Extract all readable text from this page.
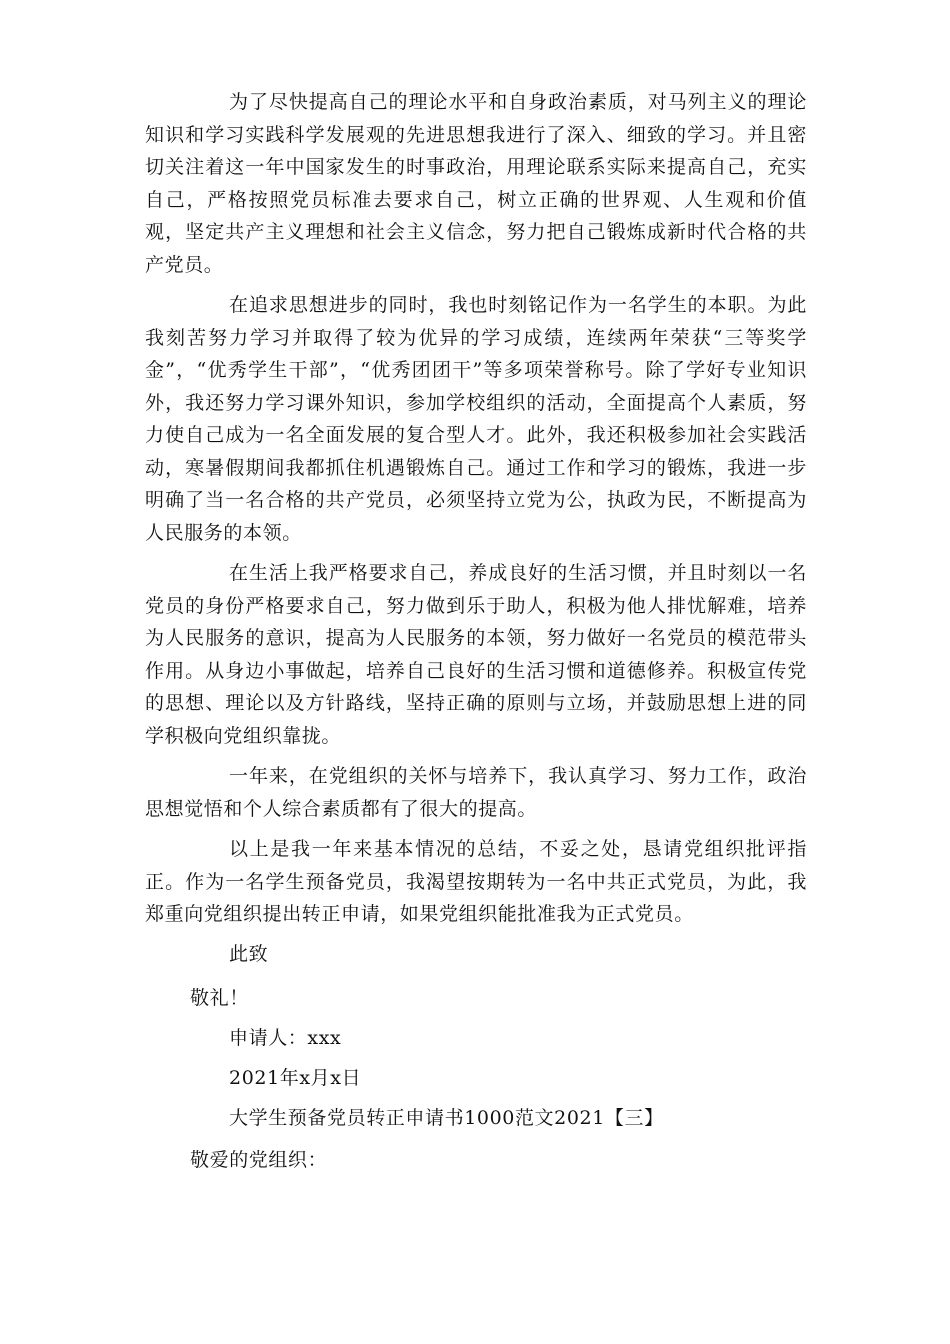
为了尽快提高自己的理论水平和自身政治素质，对马列主义的理论知识和学习实践科学发展观的先进思想我进行了深入、细致的学习。并且密切关注着这一年中国家发生的时事政治，用理论联系实际来提高自己，充实自己，严格按照党员标准去要求自己，树立正确的世界观、人生观和价值观，坚定共产主义理想和社会主义信念，努力把自己锻炼成新时代合格的共产党员。

在追求思想进步的同时，我也时刻铭记作为一名学生的本职。为此我刻苦努力学习并取得了较为优异的学习成绩，连续两年荣获“三等奖学金”，“优秀学生干部”，“优秀团团干”等多项荣誉称号。除了学好专业知识外，我还努力学习课外知识，参加学校组织的活动，全面提高个人素质，努力使自己成为一名全面发展的复合型人才。此外，我还积极参加社会实践活动，寒暑假期间我都抓住机遇锻炼自己。通过工作和学习的锻炼，我进一步明确了当一名合格的共产党员，必须坚持立党为公，执政为民，不断提高为人民服务的本领。

在生活上我严格要求自己，养成良好的生活习惯，并且时刻以一名党员的身份严格要求自己，努力做到乐于助人，积极为他人排忧解难，培养为人民服务的意识，提高为人民服务的本领，努力做好一名党员的模范带头作用。从身边小事做起，培养自己良好的生活习惯和道德修养。积极宣传党的思想、理论以及方针路线，坚持正确的原则与立场，并鼓励思想上进的同学积极向党组织靠拢。

一年来，在党组织的关怀与培养下，我认真学习、努力工作，政治思想觉悟和个人综合素质都有了很大的提高。

以上是我一年来基本情况的总结，不妥之处，恳请党组织批评指正。作为一名学生预备党员，我渴望按期转为一名中共正式党员，为此，我郑重向党组织提出转正申请，如果党组织能批准我为正式党员。

此致
敬礼！
申请人：xxx
2021年x月x日
大学生预备党员转正申请书1000范文2021【三】
敬爱的党组织：
